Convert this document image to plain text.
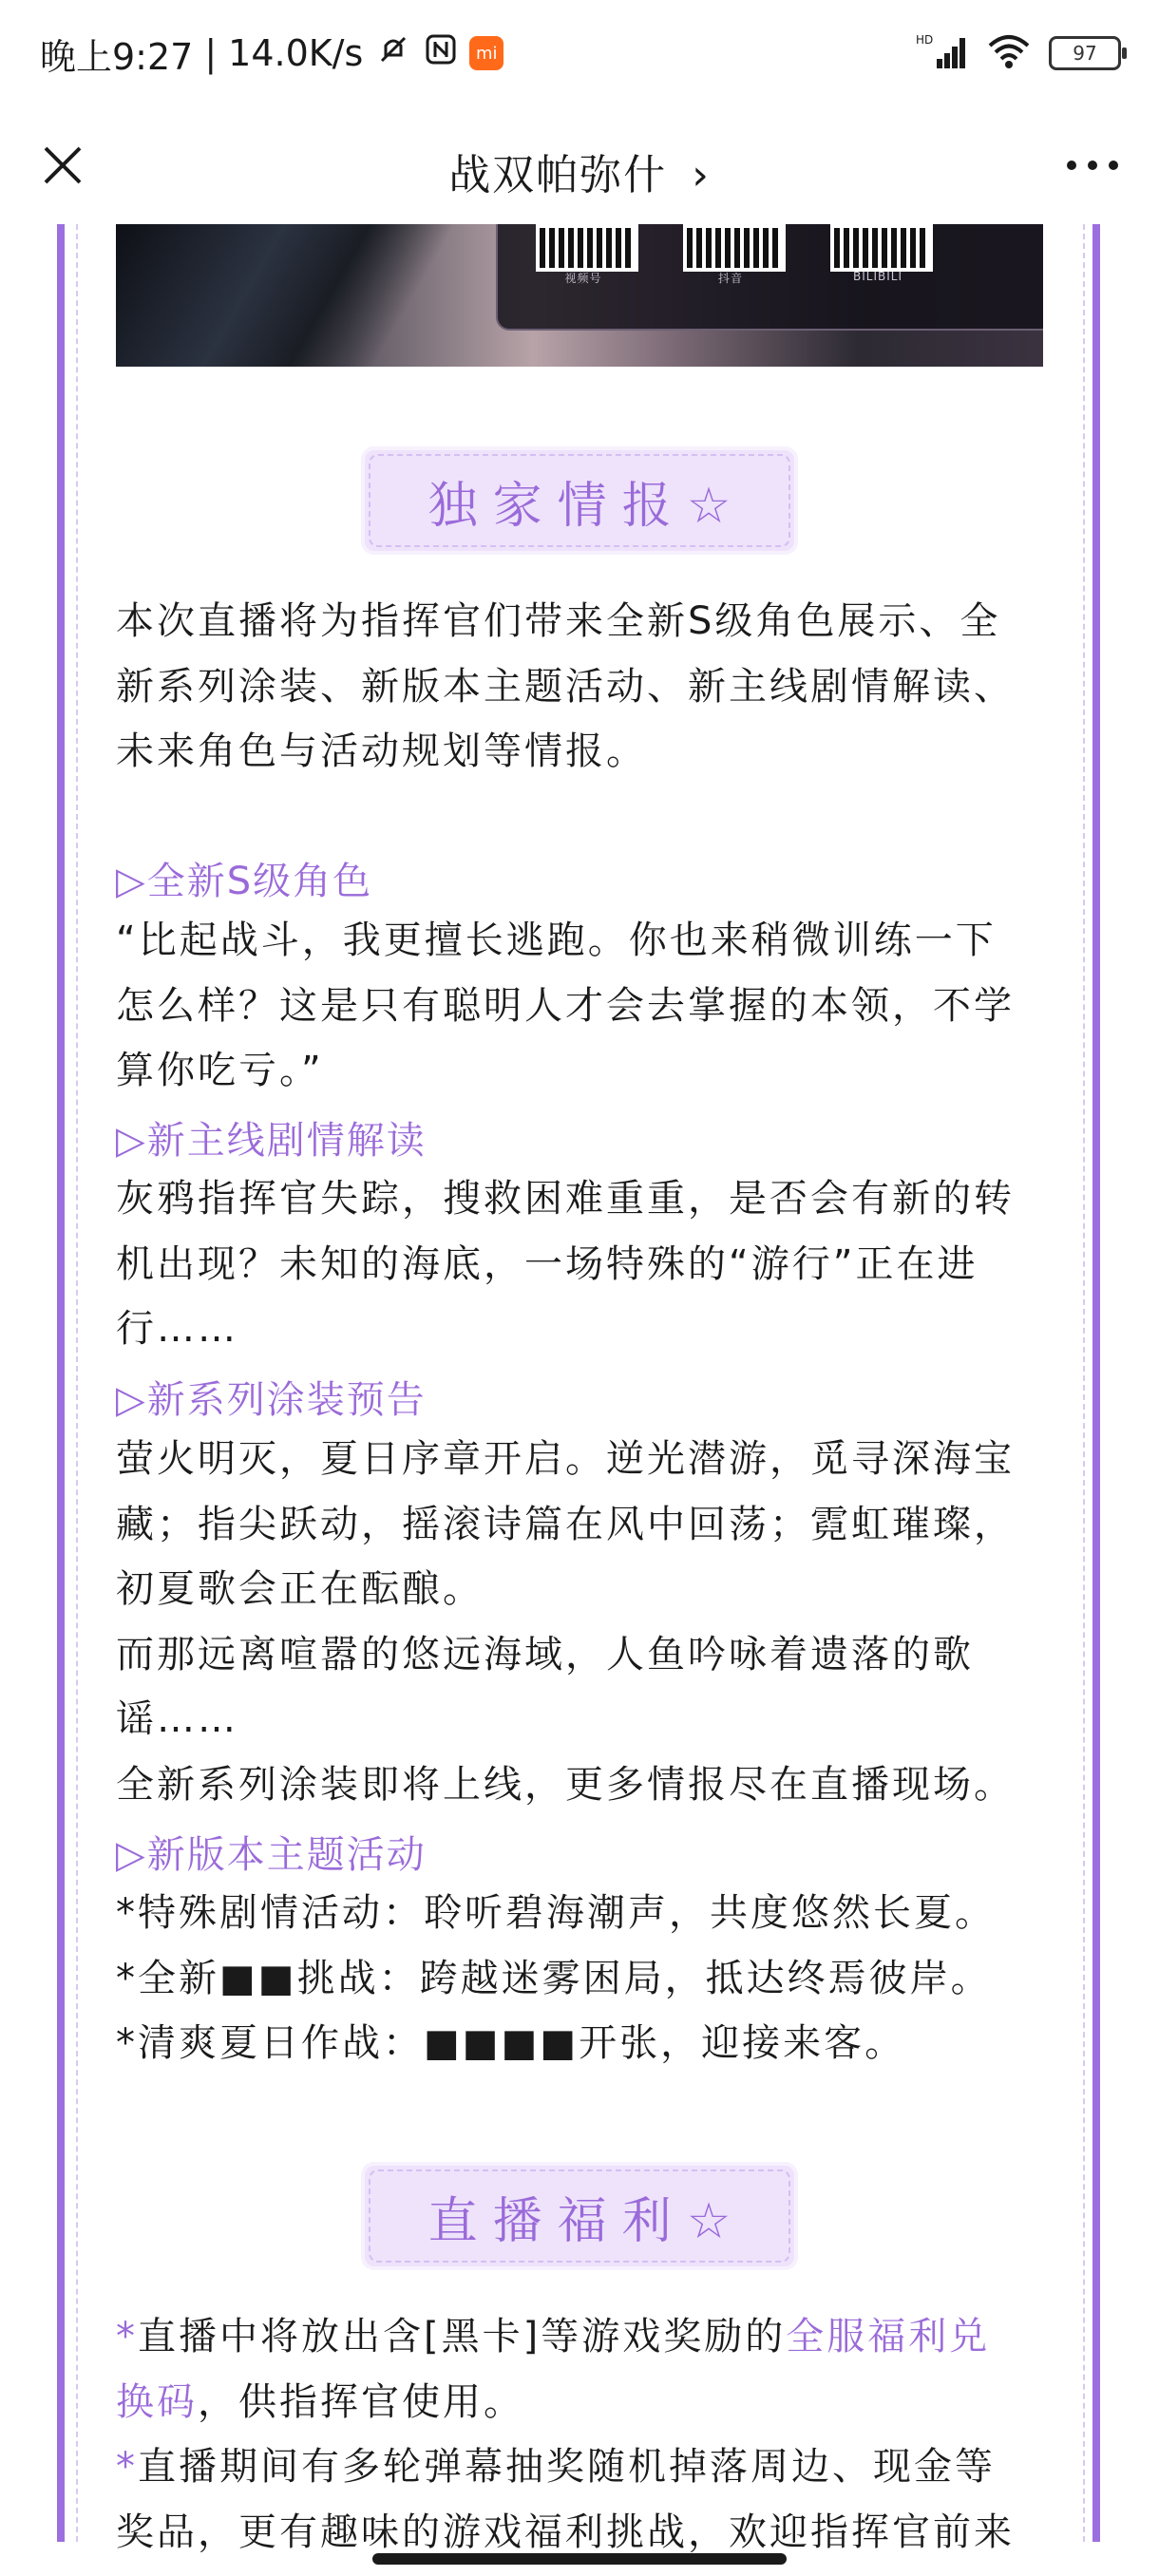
晚上9:27 | 14.0K/s	mi
HD
97
战双帕弥什 ›
视频号	抖音	BILIBILI
独家情报☆

本次直播将为指挥官们带来全新S级角色展示、全
新系列涂装、新版本主题活动、新主线剧情解读、
未来角色与活动规划等情报。

▷全新S级角色

“比起战斗，我更擅长逃跑。你也来稍微训练一下
怎么样？这是只有聪明人才会去掌握的本领，不学
算你吃亏。”

▷新主线剧情解读

灰鸦指挥官失踪，搜救困难重重，是否会有新的转
机出现？未知的海底，一场特殊的“游行”正在进
行……

▷新系列涂装预告

萤火明灭，夏日序章开启。逆光潜游，觅寻深海宝
藏；指尖跃动，摇滚诗篇在风中回荡；霓虹璀璨，
初夏歌会正在酝酿。
而那远离喧嚣的悠远海域，人鱼吟咏着遗落的歌
谣……
全新系列涂装即将上线，更多情报尽在直播现场。

▷新版本主题活动

*特殊剧情活动：聆听碧海潮声，共度悠然长夏。
*全新■■挑战：跨越迷雾困局，抵达终焉彼岸。
*清爽夏日作战：■■■■开张，迎接来客。

直播福利☆

*直播中将放出含[黑卡]等游戏奖励的全服福利兑
换码，供指挥官使用。

*直播期间有多轮弹幕抽奖随机掉落周边、现金等
奖品，更有趣味的游戏福利挑战，欢迎指挥官前来
